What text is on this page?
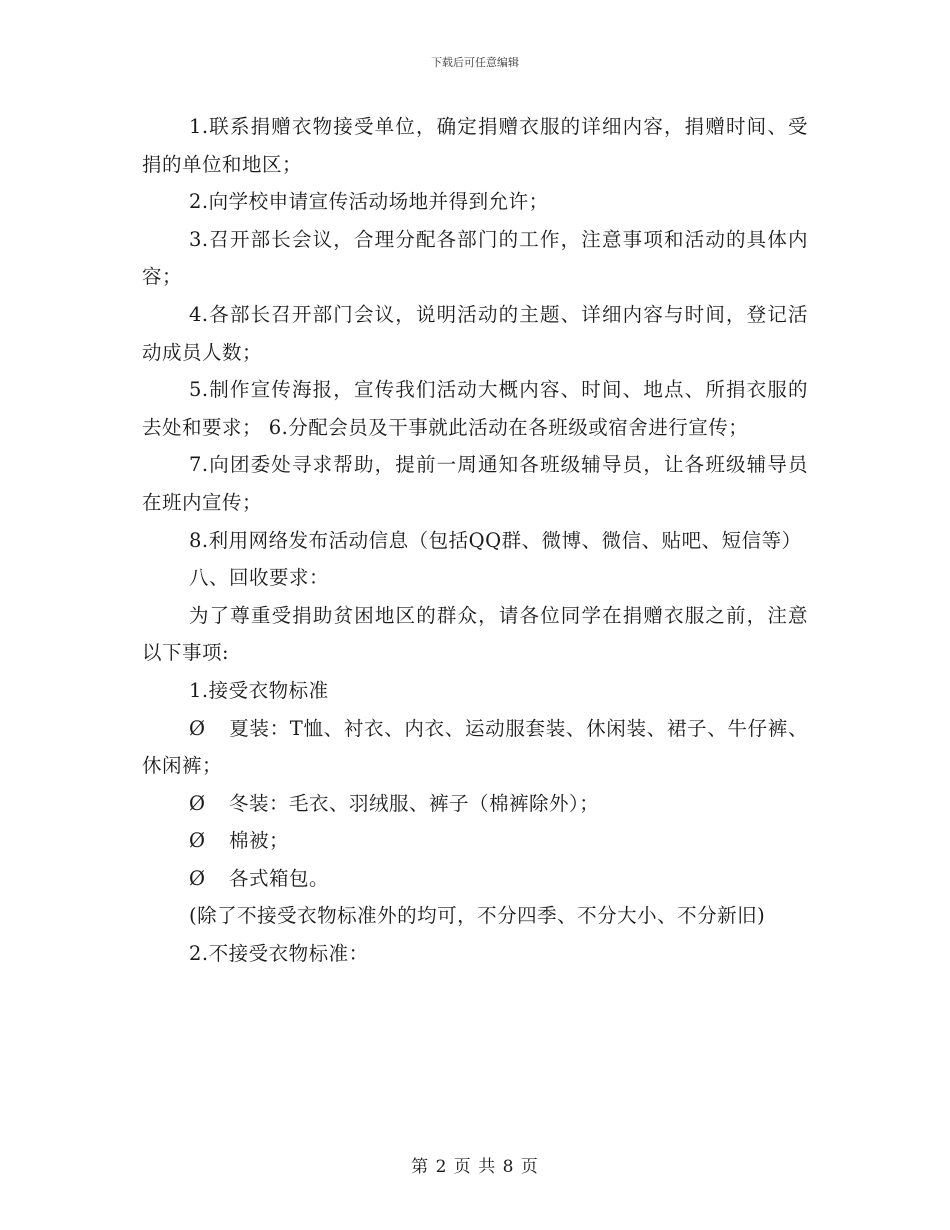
下载后可任意编辑

1.联系捐赠衣物接受单位，确定捐赠衣服的详细内容，捐赠时间、受捐的单位和地区；

2.向学校申请宣传活动场地并得到允许；

3.召开部长会议，合理分配各部门的工作，注意事项和活动的具体内容；

4.各部长召开部门会议，说明活动的主题、详细内容与时间，登记活动成员人数；

5.制作宣传海报，宣传我们活动大概内容、时间、地点、所捐衣服的去处和要求； 6.分配会员及干事就此活动在各班级或宿舍进行宣传；

7.向团委处寻求帮助，提前一周通知各班级辅导员，让各班级辅导员在班内宣传；

8.利用网络发布活动信息（包括QQ群、微博、微信、贴吧、短信等）

八、回收要求：

为了尊重受捐助贫困地区的群众，请各位同学在捐赠衣服之前，注意以下事项:

1.接受衣物标准

Ø 夏装：T恤、衬衣、内衣、运动服套装、休闲装、裙子、牛仔裤、休闲裤；

Ø 冬装：毛衣、羽绒服、裤子（棉裤除外）；

Ø 棉被；

Ø 各式箱包。

(除了不接受衣物标准外的均可，不分四季、不分大小、不分新旧)

2.不接受衣物标准：

第 2 页 共 8 页
